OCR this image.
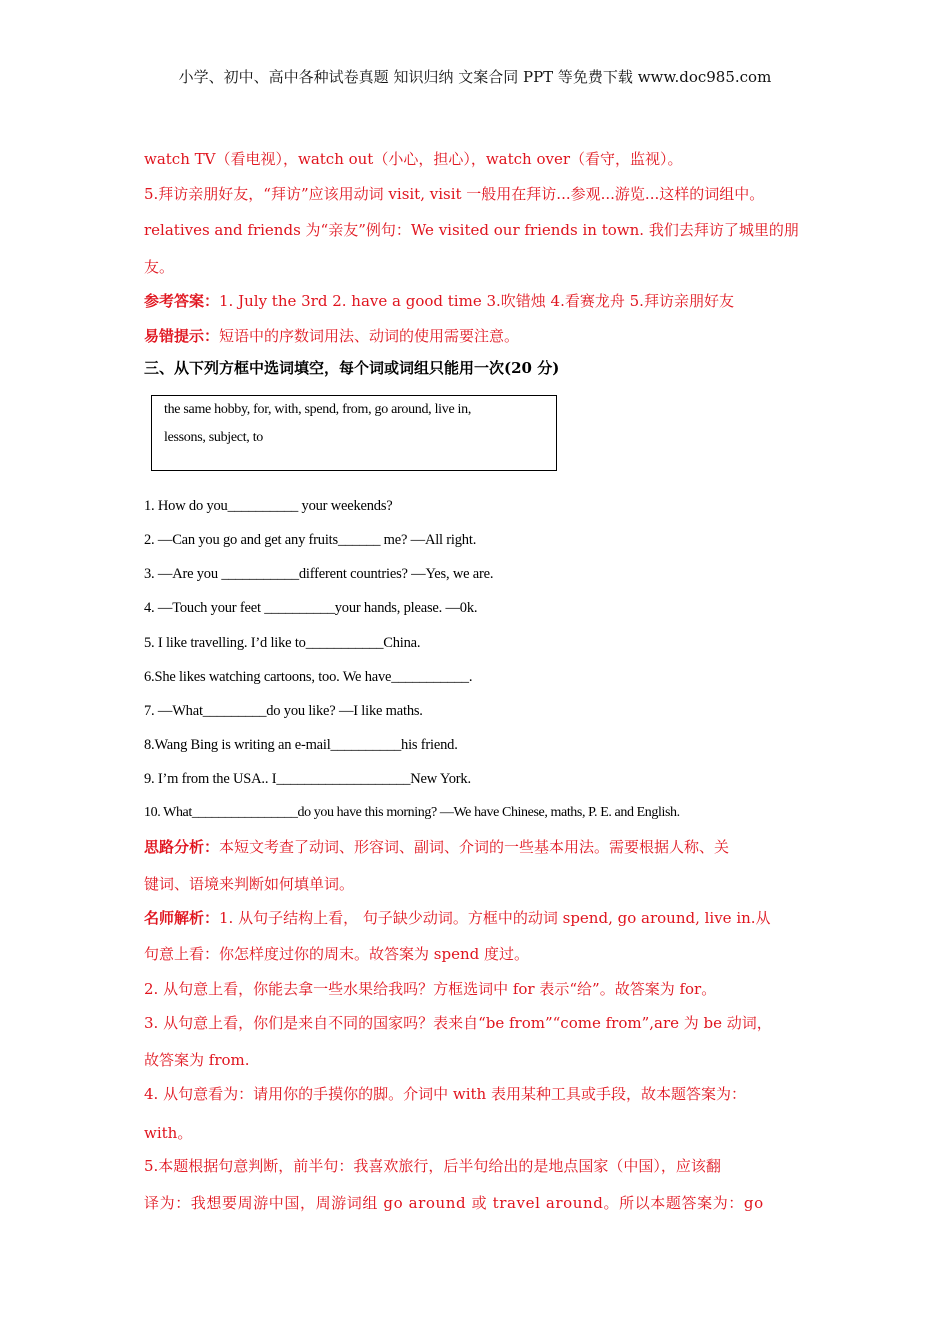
小学、初中、高中各种试卷真题 知识归纳 文案合同 PPT 等免费下载 www.doc985.com
watch TV（看电视），watch out（小心，担心），watch over（看守，监视）。
5.拜访亲朋好友，“拜访”应该用动词 visit, visit 一般用在拜访...参观...游览...这样的词组中。
relatives and friends 为“亲友”例句：We visited our friends in town. 我们去拜访了城里的朋
友。
参考答案：1. July the 3rd 2. have a good time 3.吹错烛 4.看赛龙舟 5.拜访亲朋好友
易错提示：短语中的序数词用法、动词的使用需要注意。
三、从下列方框中选词填空，每个词或词组只能用一次(20 分)
the same hobby, for, with, spend, from, go around, live in,
lessons, subject, to
1. How do you__________ your weekends?
2. —Can you go and get any fruits______ me? —All right.
3. —Are you ___________different countries? —Yes, we are.
4. —Touch your feet __________your hands, please. —0k.
5. I like travelling. I’d like to___________China.
6.She likes watching cartoons, too. We have___________.
7. —What_________do you like? —I like maths.
8.Wang Bing is writing an e-mail__________his friend.
9. I’m from the USA.. I___________________New York.
10. What________________do you have this morning? —We have Chinese, maths, P. E. and English.
思路分析：本短文考查了动词、形容词、副词、介词的一些基本用法。需要根据人称、关
键词、语境来判断如何填单词。
名师解析：1. 从句子结构上看， 句子缺少动词。方框中的动词 spend, go around, live in.从
句意上看：你怎样度过你的周末。故答案为 spend 度过。
2. 从句意上看，你能去拿一些水果给我吗？方框选词中 for 表示“给”。故答案为 for。
3. 从句意上看，你们是来自不同的国家吗？表来自“be from”“come from”,are 为 be 动词，
故答案为 from.
4. 从句意看为：请用你的手摸你的脚。介词中 with 表用某种工具或手段，故本题答案为：
with。
5.本题根据句意判断，前半句：我喜欢旅行，后半句给出的是地点国家（中国），应该翻
译为：我想要周游中国，周游词组 go around 或 travel around。所以本题答案为：go
